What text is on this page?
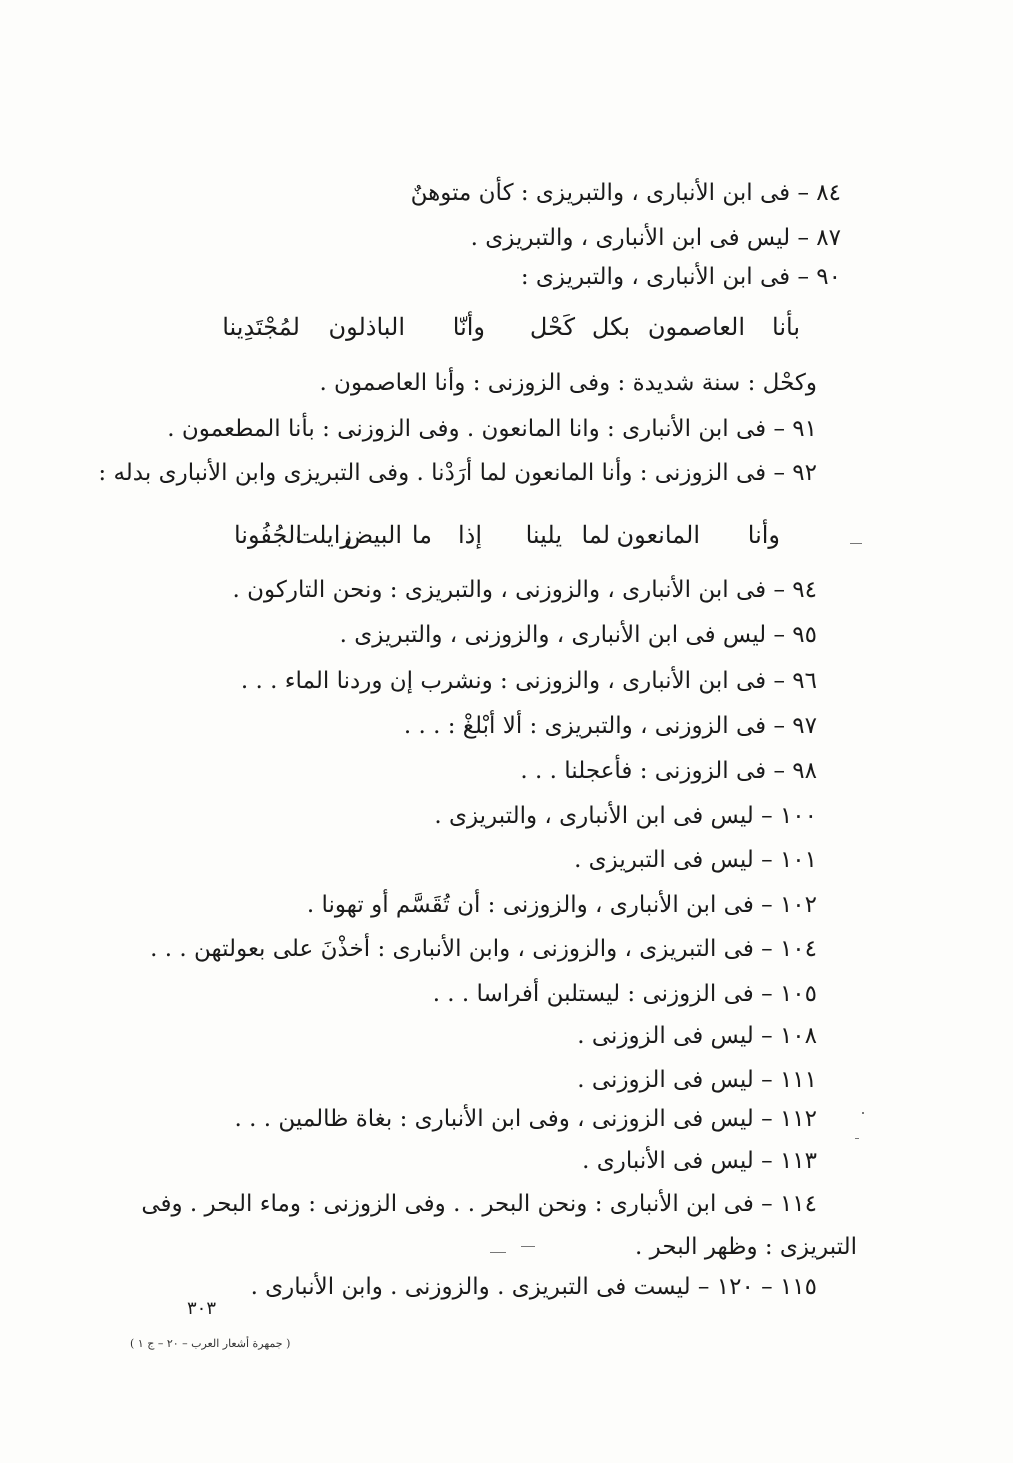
٨٤ – فى ابن الأنبارى ، والتبريزى : كأن متوهنٌ
٨٧ – ليس فى ابن الأنبارى ، والتبريزى .
٩٠ – فى ابن الأنبارى ، والتبريزى :
بأنا
العاصمون
بكل
كَحْل
وأنّا
الباذلون
لمُجْتَدِينا
وكحْل : سنة شديدة : وفى الزوزنى : وأنا العاصمون .
٩١ – فى ابن الأنبارى : وانا المانعون . وفى الزوزنى : بأنا المطعمون .
٩٢ – فى الزوزنى : وأنا المانعون لما أرَدْنا . وفى التبريزى وابن الأنبارى بدله :
وأنا
المانعون
لما
يلينا
إذا
ما
البيض
زايلت
الجُفُونا
٩٤ – فى ابن الأنبارى ، والزوزنى ، والتبريزى : ونحن التاركون .
٩٥ – ليس فى ابن الأنبارى ، والزوزنى ، والتبريزى .
٩٦ – فى ابن الأنبارى ، والزوزنى : ونشرب إن وردنا الماء . . .
٩٧ – فى الزوزنى ، والتبريزى : ألا أبْلغْ : . . .
٩٨ – فى الزوزنى : فأعجلنا . . .
١٠٠ – ليس فى ابن الأنبارى ، والتبريزى .
١٠١ – ليس فى التبريزى .
١٠٢ – فى ابن الأنبارى ، والزوزنى : أن تُقَسَّم أو تهونا .
١٠٤ – فى التبريزى ، والزوزنى ، وابن الأنبارى : أخذْنَ على بعولتهن . . .
١٠٥ – فى الزوزنى : ليستلبن أفراسا . . .
١٠٨ – ليس فى الزوزنى .
١١١ – ليس فى الزوزنى .
١١٢ – ليس فى الزوزنى ، وفى ابن الأنبارى : بغاة ظالمين . . .
١١٣ – ليس فى الأنبارى .
١١٤ – فى ابن الأنبارى : ونحن البحر . . وفى الزوزنى : وماء البحر . وفى
التبريزى : وظهر البحر .
١١٥ – ١٢٠ – ليست فى التبريزى . والزوزنى . وابن الأنبارى .
٣٠٣
( جمهرة أشعار العرب – ٢٠ – ج ١ )
